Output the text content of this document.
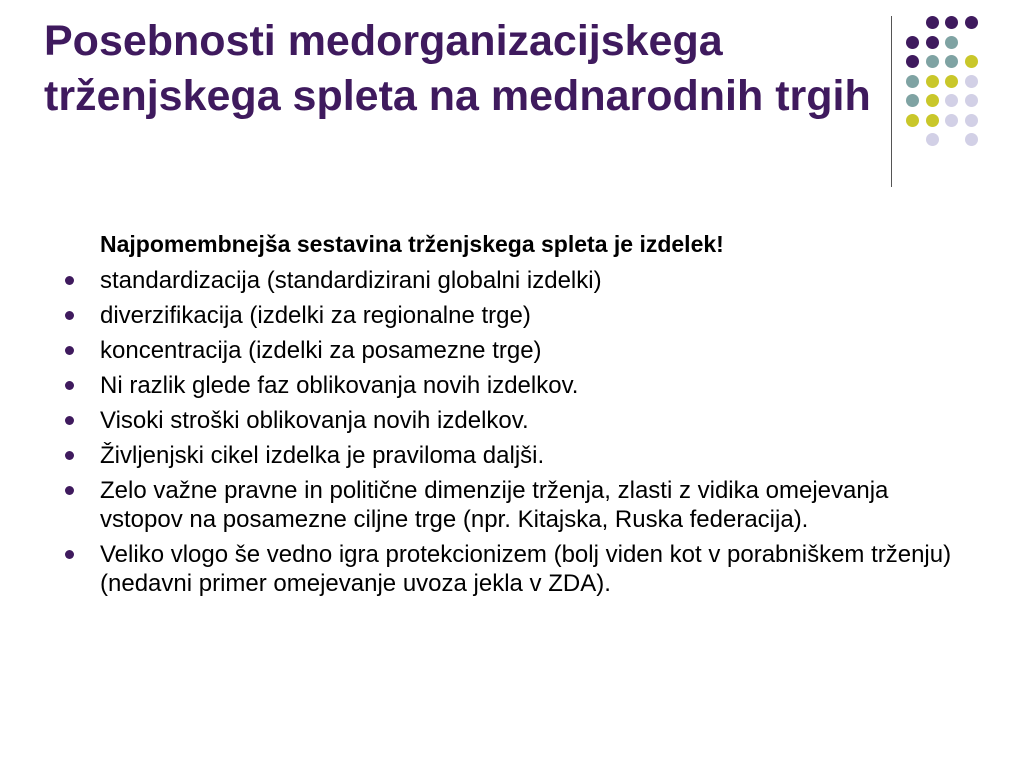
Posebnosti medorganizacijskega trženjskega spleta na mednarodnih trgih

Najpomembnejša sestavina trženjskega spleta je izdelek!

standardizacija (standardizirani globalni izdelki)
diverzifikacija (izdelki za regionalne trge)
koncentracija (izdelki za posamezne trge)
Ni razlik glede faz oblikovanja novih izdelkov.
Visoki stroški oblikovanja novih izdelkov.
Življenjski cikel izdelka je praviloma daljši.
Zelo važne pravne in politične dimenzije trženja, zlasti z vidika omejevanja vstopov na posamezne ciljne trge (npr. Kitajska, Ruska federacija).
Veliko vlogo še vedno igra protekcionizem (bolj viden kot v porabniškem trženju) (nedavni primer omejevanje uvoza jekla v ZDA).
